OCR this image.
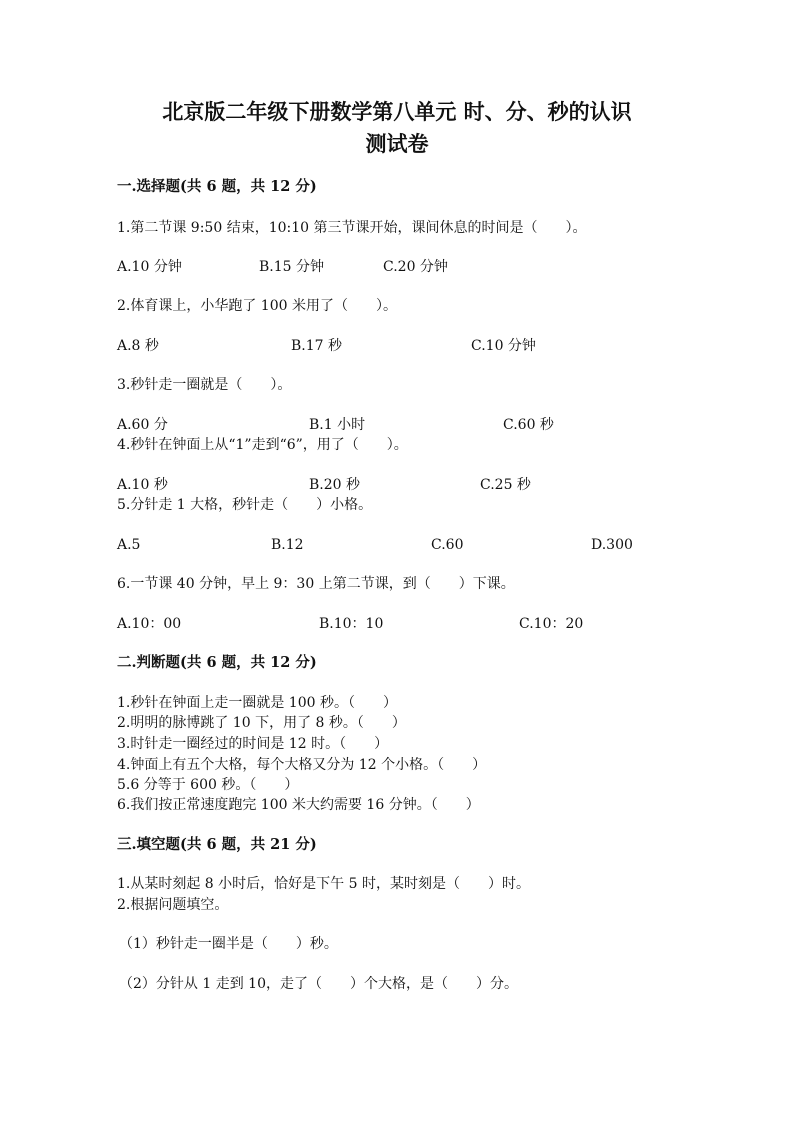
北京版二年级下册数学第八单元 时、分、秒的认识
测试卷
一.选择题(共 6 题，共 12 分)
1.第二节课 9:50 结束，10:10 第三节课开始，课间休息的时间是（　　）。
A.10 分钟	B.15 分钟	C.20 分钟
2.体育课上，小华跑了 100 米用了（　　）。
A.8 秒	B.17 秒	C.10 分钟
3.秒针走一圈就是（　　）。
A.60 分	B.1 小时	C.60 秒
4.秒针在钟面上从“1”走到“6”，用了（　　）。
A.10 秒	B.20 秒	C.25 秒
5.分针走 1 大格，秒针走（　　）小格。
A.5	B.12	C.60	D.300
6.一节课 40 分钟，早上 9：30 上第二节课，到（　　）下课。
A.10：00	B.10：10	C.10：20
二.判断题(共 6 题，共 12 分)
1.秒针在钟面上走一圈就是 100 秒。（　　）
2.明明的脉博跳了 10 下，用了 8 秒。（　　）
3.时针走一圈经过的时间是 12 时。（　　）
4.钟面上有五个大格，每个大格又分为 12 个小格。（　　）
5.6 分等于 600 秒。（　　）
6.我们按正常速度跑完 100 米大约需要 16 分钟。（　　）
三.填空题(共 6 题，共 21 分)
1.从某时刻起 8 小时后，恰好是下午 5 时，某时刻是（　　）时。
2.根据问题填空。
（1）秒针走一圈半是（　　）秒。
（2）分针从 1 走到 10，走了（　　）个大格，是（　　）分。
